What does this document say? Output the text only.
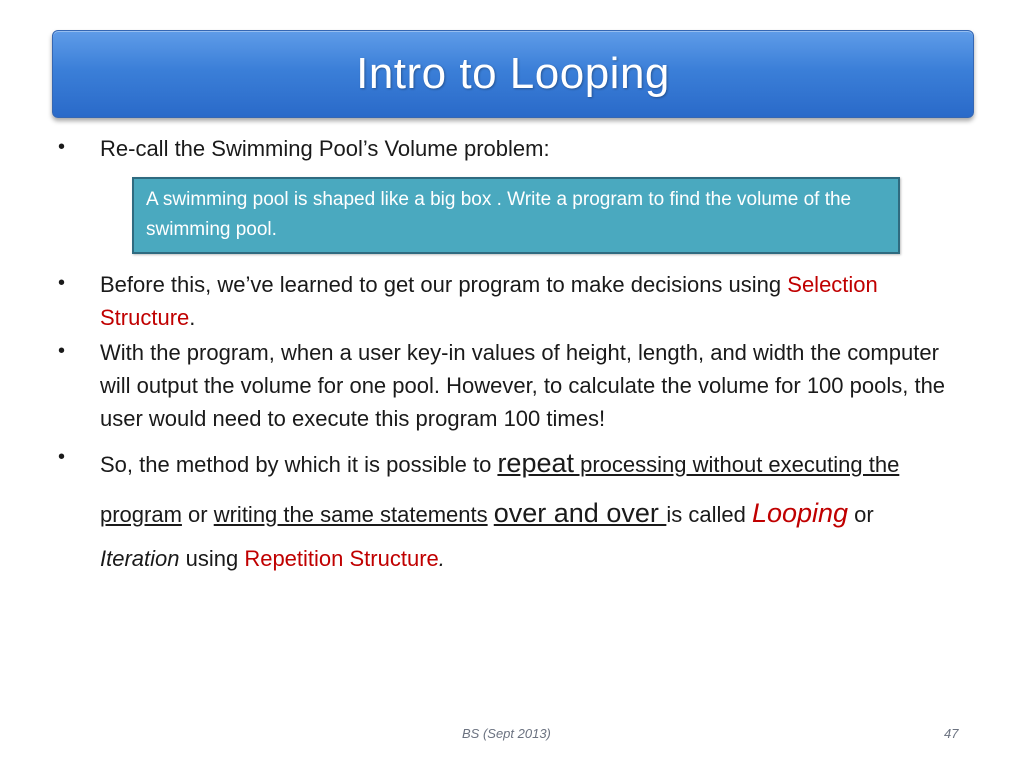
Intro to Looping
• Re-call the Swimming Pool’s Volume problem:
A swimming pool is shaped like a big box . Write a program to find the volume of the swimming pool.
• Before this, we’ve learned to get our program to make decisions using Selection Structure.
• With the program, when a user key-in values of height, length, and width the computer will output the volume for one pool. However, to calculate the volume for 100 pools, the user would need to execute this program 100 times!
• So, the method by which it is possible to repeat processing without executing the program or writing the same statements over and over is called Looping or Iteration using Repetition Structure.
BS (Sept 2013)	47
